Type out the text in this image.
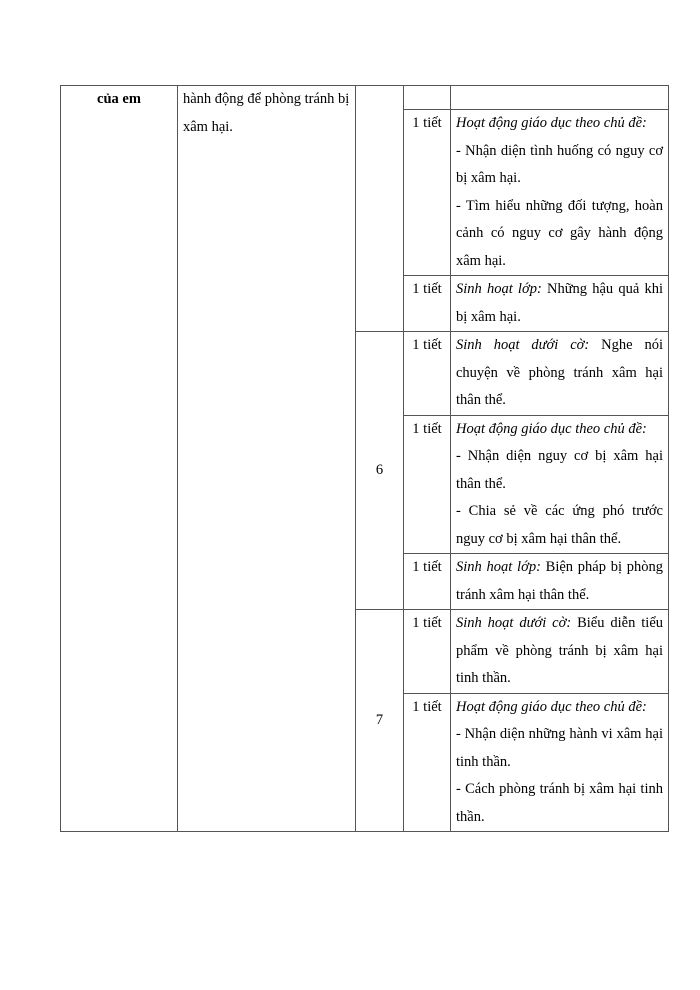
của em	hành động để phòng tránh bị xâm hại.			
			1 tiết	Hoạt động giáo dục theo chủ đề:
- Nhận diện tình huống có nguy cơ bị xâm hại.
- Tìm hiểu những đối tượng, hoàn cảnh có nguy cơ gây hành động xâm hại.

			1 tiết	Sinh hoạt lớp: Những hậu quả khi bị xâm hại.
		6	1 tiết	Sinh hoạt dưới cờ: Nghe nói chuyện về phòng tránh xâm hại thân thể.
			1 tiết	Hoạt động giáo dục theo chủ đề:
- Nhận diện nguy cơ bị xâm hại thân thể.
- Chia sẻ về các ứng phó trước nguy cơ bị xâm hại thân thể.

			1 tiết	Sinh hoạt lớp: Biện pháp bị phòng tránh xâm hại thân thể.
		7	1 tiết	Sinh hoạt dưới cờ: Biểu diễn tiểu phẩm về phòng tránh bị xâm hại tinh thần.
			1 tiết	Hoạt động giáo dục theo chủ đề:
- Nhận diện những hành vi xâm hại tinh thần.
- Cách phòng tránh bị xâm hại tinh thần.
